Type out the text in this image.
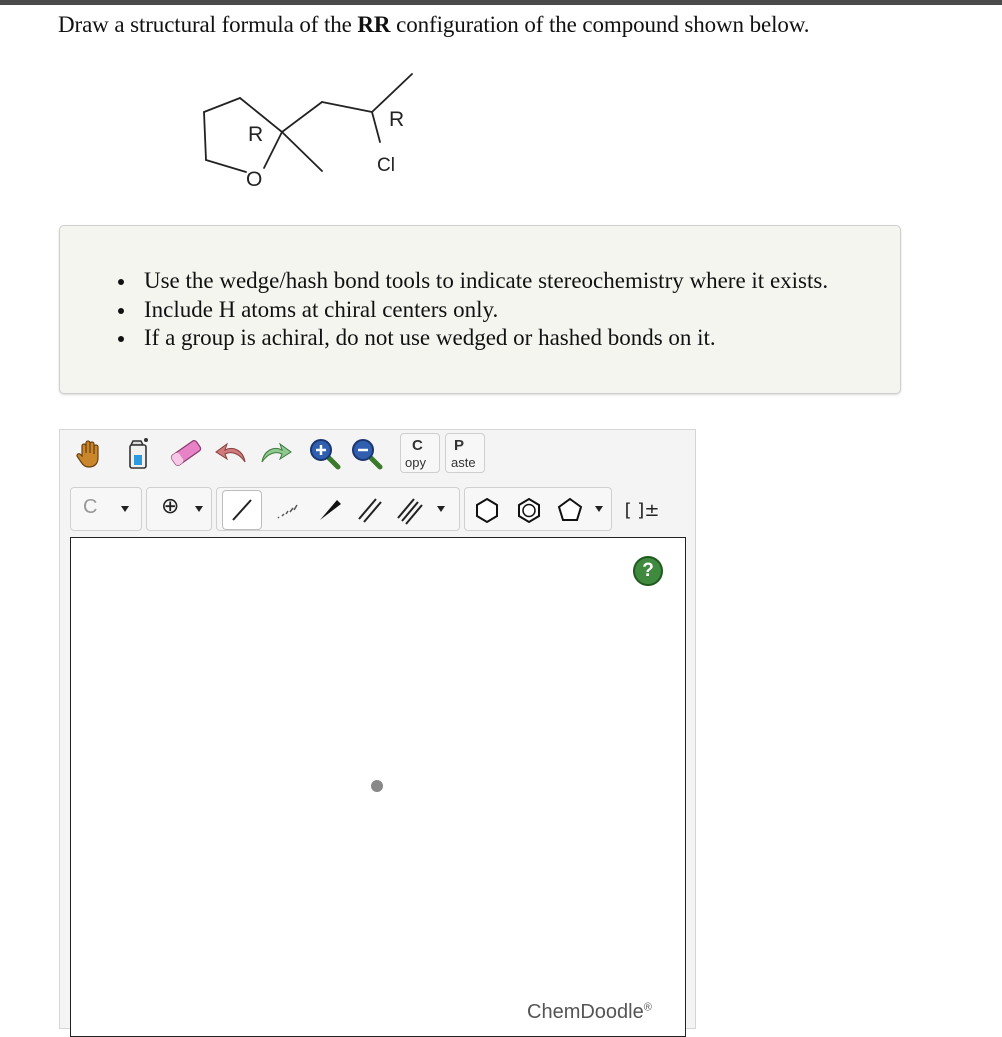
Draw a structural formula of the RR configuration of the compound shown below.
R
R
O
Cl
Use the wedge/hash bond tools to indicate stereochemistry where it exists.
Include H atoms at chiral centers only.
If a group is achiral, do not use wedged or hashed bonds on it.
C
opy
P
aste
C	⊕	[ ]±
?
ChemDoodle®
